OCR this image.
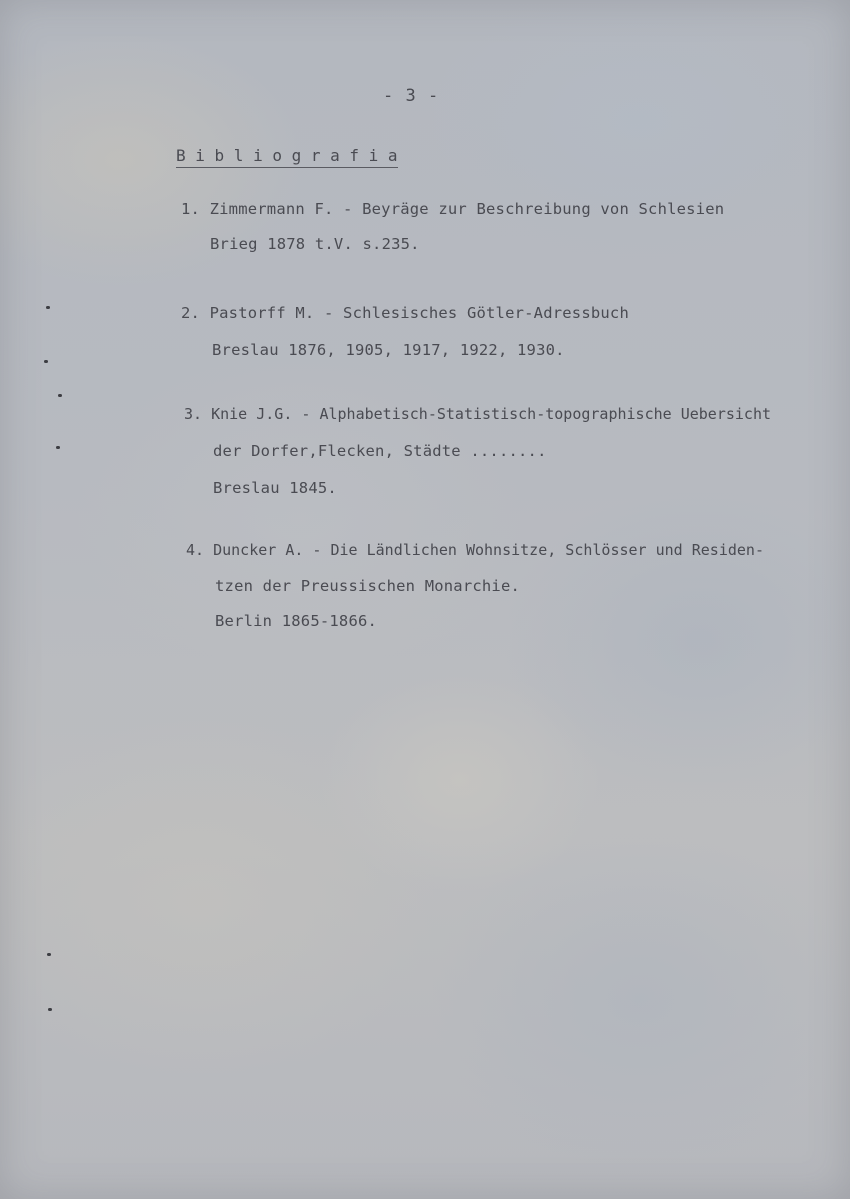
- 3 -
B i b l i o g r a f i a
1. Zimmermann F. - Beyräge zur Beschreibung von Schlesien
Brieg 1878 t.V. s.235.
2. Pastorff M. - Schlesisches Götler-Adressbuch
Breslau 1876, 1905, 1917, 1922, 1930.
3. Knie J.G. - Alphabetisch-Statistisch-topographische Uebersicht
der Dorfer,Flecken, Städte ........
Breslau 1845.
4. Duncker A. - Die Ländlichen Wohnsitze, Schlösser und Residen-
tzen der Preussischen Monarchie.
Berlin 1865-1866.
